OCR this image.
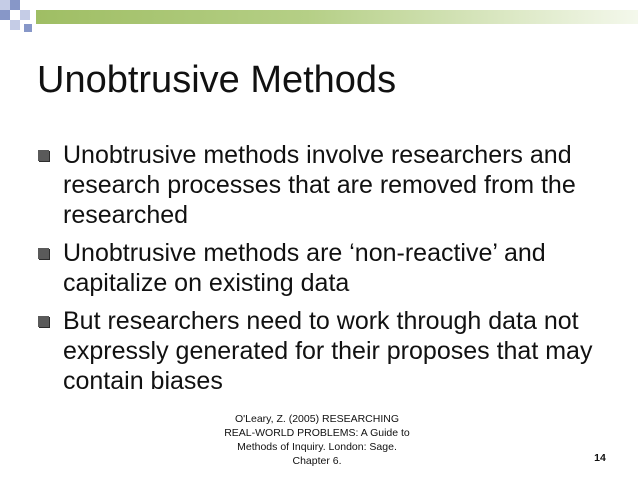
Unobtrusive Methods
Unobtrusive methods involve researchers and research processes that are removed from the researched
Unobtrusive methods are ‘non-reactive’ and capitalize on existing data
But researchers need to work through data not expressly generated for their proposes that may contain biases
O'Leary, Z. (2005) RESEARCHING
REAL-WORLD PROBLEMS: A Guide to
Methods of Inquiry. London: Sage.
Chapter 6.	14
